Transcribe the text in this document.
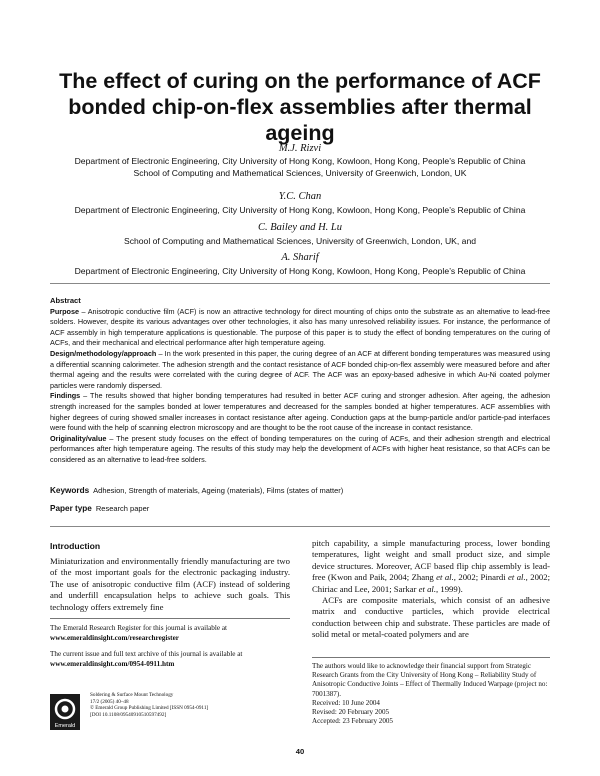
The effect of curing on the performance of ACF bonded chip-on-flex assemblies after thermal ageing
M.J. Rizvi
Department of Electronic Engineering, City University of Hong Kong, Kowloon, Hong Kong, People’s Republic of China
School of Computing and Mathematical Sciences, University of Greenwich, London, UK
Y.C. Chan
Department of Electronic Engineering, City University of Hong Kong, Kowloon, Hong Kong, People’s Republic of China
C. Bailey and H. Lu
School of Computing and Mathematical Sciences, University of Greenwich, London, UK, and
A. Sharif
Department of Electronic Engineering, City University of Hong Kong, Kowloon, Hong Kong, People’s Republic of China
Abstract

Purpose – Anisotropic conductive film (ACF) is now an attractive technology for direct mounting of chips onto the substrate as an alternative to lead-free solders. However, despite its various advantages over other technologies, it also has many unresolved reliability issues. For instance, the performance of ACF assembly in high temperature applications is questionable. The purpose of this paper is to study the effect of bonding temperatures on the curing of ACFs, and their mechanical and electrical performance after high temperature ageing.

Design/methodology/approach – In the work presented in this paper, the curing degree of an ACF at different bonding temperatures was measured using a differential scanning calorimeter. The adhesion strength and the contact resistance of ACF bonded chip-on-flex assembly were measured before and after thermal ageing and the results were correlated with the curing degree of ACF. The ACF was an epoxy-based adhesive in which Au-Ni coated polymer particles were randomly dispersed.

Findings – The results showed that higher bonding temperatures had resulted in better ACF curing and stronger adhesion. After ageing, the adhesion strength increased for the samples bonded at lower temperatures and decreased for the samples bonded at higher temperatures. ACF assemblies with higher degrees of curing showed smaller increases in contact resistance after ageing. Conduction gaps at the bump-particle and/or particle-pad interfaces were found with the help of scanning electron microscopy and are thought to be the root cause of the increase in contact resistance.

Originality/value – The present study focuses on the effect of bonding temperatures on the curing of ACFs, and their adhesion strength and electrical performances after high temperature ageing. The results of this study may help the development of ACFs with higher heat resistance, so that ACFs can be considered as an alternative to lead-free solders.

Keywords Adhesion, Strength of materials, Ageing (materials), Films (states of matter)
Paper type Research paper
Introduction
Miniaturization and environmentally friendly manufacturing are two of the most important goals for the electronic packaging industry. The use of anisotropic conductive film (ACF) instead of soldering and underfill encapsulation helps to achieve such goals. This technology offers extremely fine
pitch capability, a simple manufacturing process, lower bonding temperatures, light weight and small product size, and simple device structures. Moreover, ACF based flip chip assembly is lead-free (Kwon and Paik, 2004; Zhang et al., 2002; Pinardi et al., 2002; Chiriac and Lee, 2001; Sarkar et al., 1999).
ACFs are composite materials, which consist of an adhesive matrix and conductive particles, which provide electrical conduction between chip and substrate. These particles are made of solid metal or metal-coated polymers and are
The Emerald Research Register for this journal is available at
www.emeraldinsight.com/researchregister
The current issue and full text archive of this journal is available at
www.emeraldinsight.com/0954-0911.htm
Emerald
Soldering & Surface Mount Technology
17/2 (2005) 40–48
© Emerald Group Publishing Limited [ISSN 0954-0911]
[DOI 10.1108/09540910510597492]
The authors would like to acknowledge their financial support from Strategic Research Grants from the City University of Hong Kong – Reliability Study of Anisotropic Conductive Joints – Effect of Thermally Induced Warpage (project no: 7001387).
Received: 10 June 2004
Revised: 20 February 2005
Accepted: 23 February 2005
40
